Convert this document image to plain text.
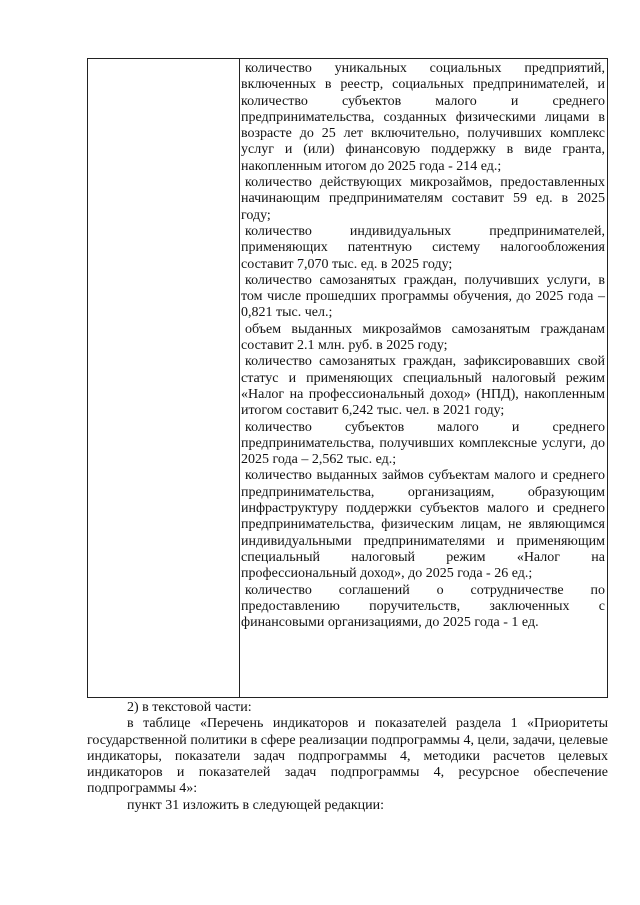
количество уникальных социальных предприятий, включенных в реестр, социальных предпринимателей, и количество субъектов малого и среднего предпринимательства, созданных физическими лицами в возрасте до 25 лет включительно, получивших комплекс услуг и (или) финансовую поддержку в виде гранта, накопленным итогом до 2025 года - 214 ед.;

количество действующих микрозаймов, предоставленных начинающим предпринимателям составит 59 ед. в 2025 году;

количество индивидуальных предпринимателей, применяющих патентную систему налогообложения составит 7,070 тыс. ед. в 2025 году;

количество самозанятых граждан, получивших услуги, в том числе прошедших программы обучения, до 2025 года – 0,821 тыс. чел.;

объем выданных микрозаймов самозанятым гражданам составит 2.1 млн. руб. в 2025 году;

количество самозанятых граждан, зафиксировавших свой статус и применяющих специальный налоговый режим «Налог на профессиональный доход» (НПД), накопленным итогом составит 6,242 тыс. чел. в 2021 году;

количество субъектов малого и среднего предпринимательства, получивших комплексные услуги, до 2025 года – 2,562 тыс. ед.;

количество выданных займов субъектам малого и среднего предпринимательства, организациям, образующим инфраструктуру поддержки субъектов малого и среднего предпринимательства, физическим лицам, не являющимся индивидуальными предпринимателями и применяющим специальный налоговый режим «Налог на профессиональный доход», до 2025 года - 26 ед.;

количество соглашений о сотрудничестве по предоставлению поручительств, заключенных с финансовыми организациями, до 2025 года - 1 ед.

2) в текстовой части:

в таблице «Перечень индикаторов и показателей раздела 1 «Приоритеты государственной политики в сфере реализации подпрограммы 4, цели, задачи, целевые индикаторы, показатели задач подпрограммы 4, методики расчетов целевых индикаторов и показателей задач подпрограммы 4, ресурсное обеспечение подпрограммы 4»:

пункт 31 изложить в следующей редакции:
